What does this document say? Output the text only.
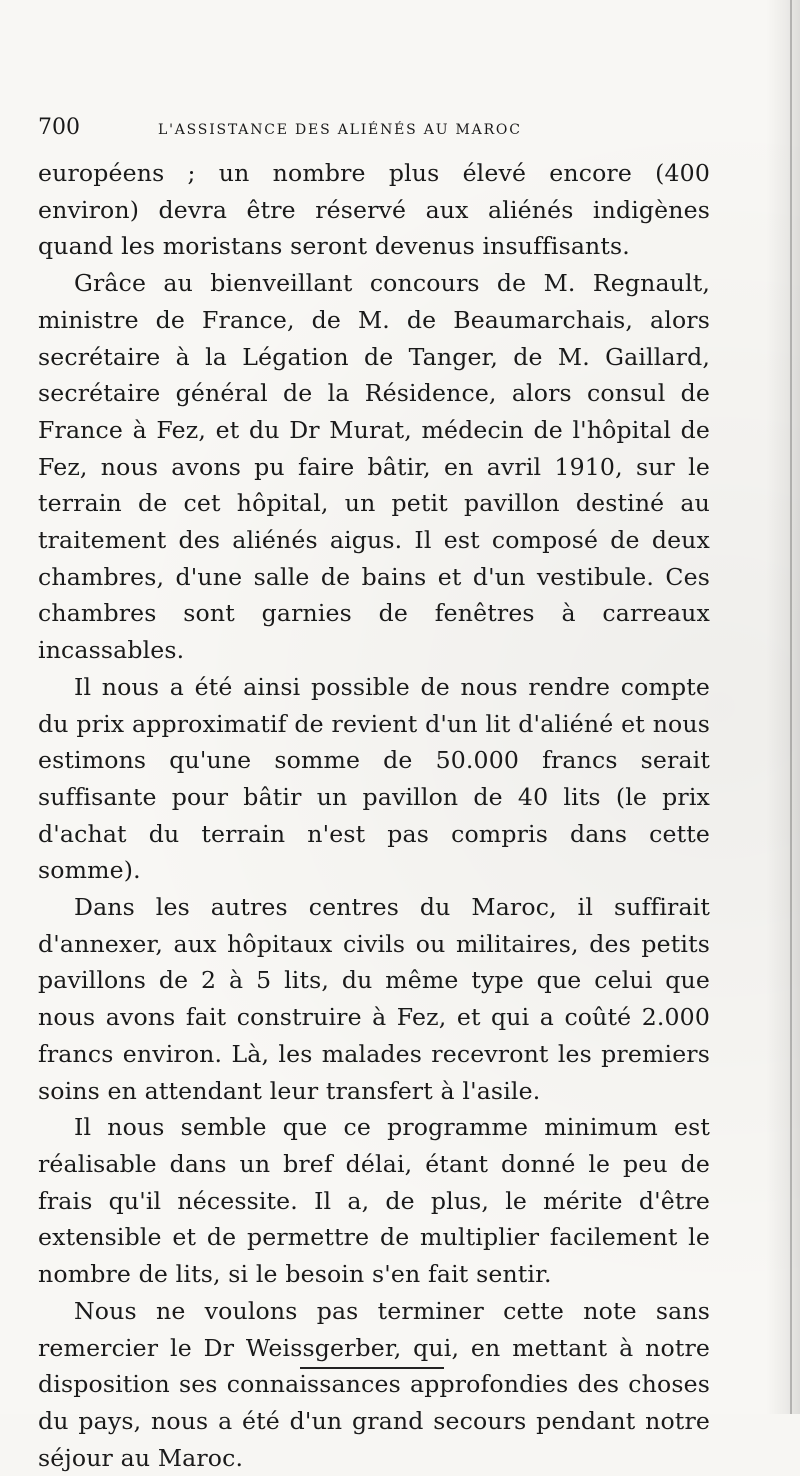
700	L'ASSISTANCE DES ALIÉNÉS AU MAROC

européens ; un nombre plus élevé encore (400 environ) devra être réservé aux aliénés indigènes quand les moristans seront devenus insuffisants.

Grâce au bienveillant concours de M. Regnault, ministre de France, de M. de Beaumarchais, alors secrétaire à la Légation de Tanger, de M. Gaillard, secrétaire général de la Résidence, alors consul de France à Fez, et du Dr Murat, médecin de l'hôpital de Fez, nous avons pu faire bâtir, en avril 1910, sur le terrain de cet hôpital, un petit pavillon destiné au traitement des aliénés aigus. Il est composé de deux chambres, d'une salle de bains et d'un vestibule. Ces chambres sont garnies de fenêtres à carreaux incassables.

Il nous a été ainsi possible de nous rendre compte du prix approximatif de revient d'un lit d'aliéné et nous estimons qu'une somme de 50.000 francs serait suffisante pour bâtir un pavillon de 40 lits (le prix d'achat du terrain n'est pas compris dans cette somme).

Dans les autres centres du Maroc, il suffirait d'annexer, aux hôpitaux civils ou militaires, des petits pavillons de 2 à 5 lits, du même type que celui que nous avons fait construire à Fez, et qui a coûté 2.000 francs environ. Là, les malades recevront les premiers soins en attendant leur transfert à l'asile.

Il nous semble que ce programme minimum est réalisable dans un bref délai, étant donné le peu de frais qu'il nécessite. Il a, de plus, le mérite d'être extensible et de permettre de multiplier facilement le nombre de lits, si le besoin s'en fait sentir.

Nous ne voulons pas terminer cette note sans remercier le Dr Weissgerber, qui, en mettant à notre disposition ses connaissances approfondies des choses du pays, nous a été d'un grand secours pendant notre séjour au Maroc.
